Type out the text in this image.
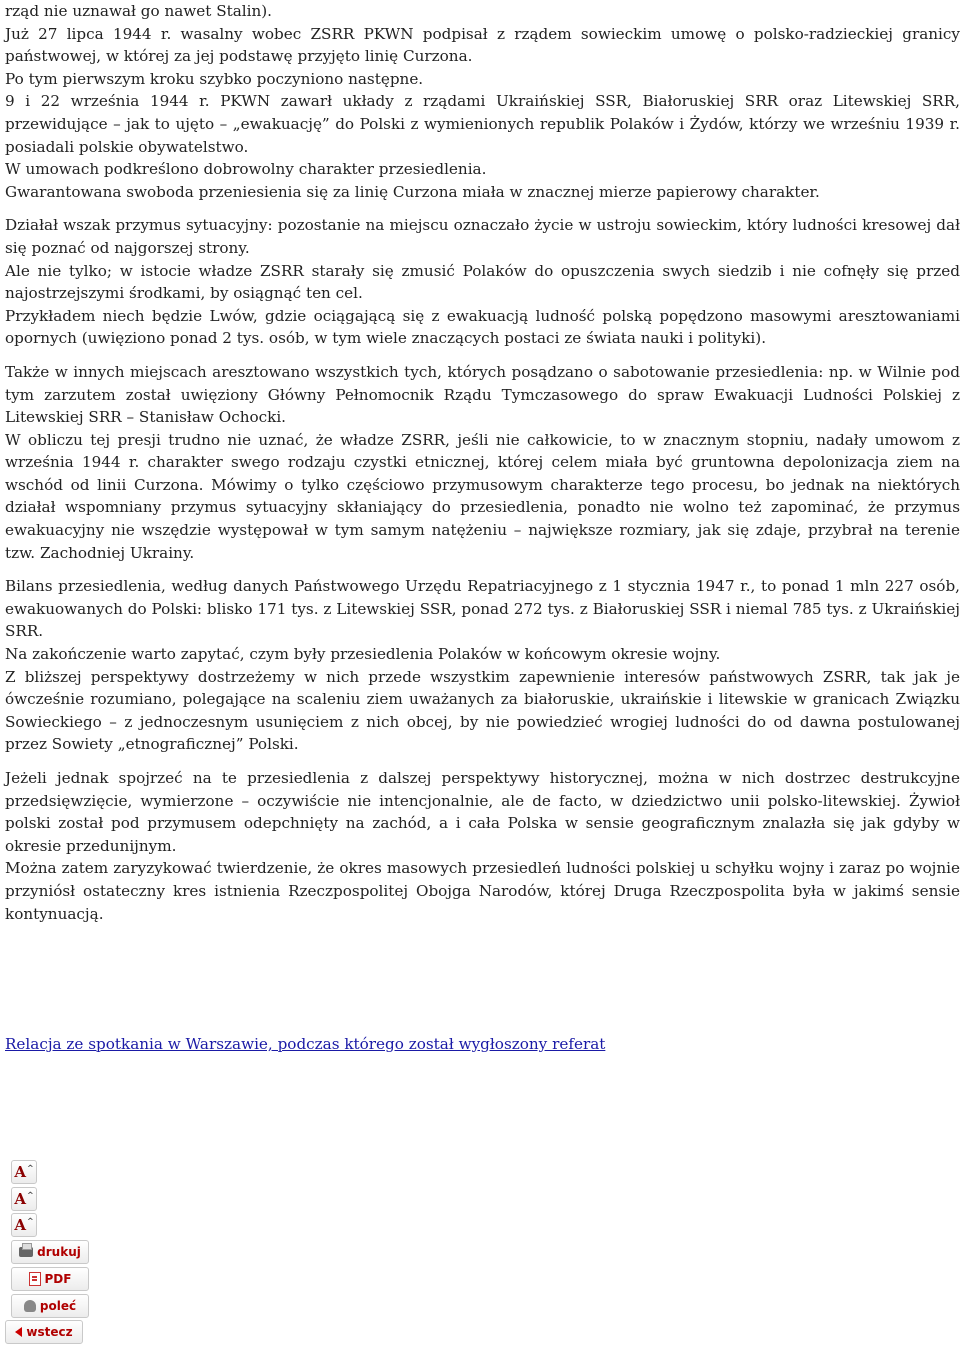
rząd nie uznawał go nawet Stalin).

Już 27 lipca 1944 r. wasalny wobec ZSRR PKWN podpisał z rządem sowieckim umowę o polsko-radzieckiej granicy państwowej, w której za jej podstawę przyjęto linię Curzona.

Po tym pierwszym kroku szybko poczyniono następne.

9 i 22 września 1944 r. PKWN zawarł układy z rządami Ukraińskiej SSR, Białoruskiej SRR oraz Litewskiej SRR, przewidujące – jak to ujęto – „ewakuację” do Polski z wymienionych republik Polaków i Żydów, którzy we wrześniu 1939 r. posiadali polskie obywatelstwo.

W umowach podkreślono dobrowolny charakter przesiedlenia.

Gwarantowana swoboda przeniesienia się za linię Curzona miała w znacznej mierze papierowy charakter.

Działał wszak przymus sytuacyjny: pozostanie na miejscu oznaczało życie w ustroju sowieckim, który ludności kresowej dał się poznać od najgorszej strony.

Ale nie tylko; w istocie władze ZSRR starały się zmusić Polaków do opuszczenia swych siedzib i nie cofnęły się przed najostrzejszymi środkami, by osiągnąć ten cel.

Przykładem niech będzie Lwów, gdzie ociągającą się z ewakuacją ludność polską popędzono masowymi aresztowaniami opornych (uwięziono ponad 2 tys. osób, w tym wiele znaczących postaci ze świata nauki i polityki).

Także w innych miejscach aresztowano wszystkich tych, których posądzano o sabotowanie przesiedlenia: np. w Wilnie pod tym zarzutem został uwięziony Główny Pełnomocnik Rządu Tymczasowego do spraw Ewakuacji Ludności Polskiej z Litewskiej SRR – Stanisław Ochocki.

W obliczu tej presji trudno nie uznać, że władze ZSRR, jeśli nie całkowicie, to w znacznym stopniu, nadały umowom z września 1944 r. charakter swego rodzaju czystki etnicznej, której celem miała być gruntowna depolonizacja ziem na wschód od linii Curzona. Mówimy o tylko częściowo przymusowym charakterze tego procesu, bo jednak na niektórych działał wspomniany przymus sytuacyjny skłaniający do przesiedlenia, ponadto nie wolno też zapominać, że przymus ewakuacyjny nie wszędzie występował w tym samym natężeniu – największe rozmiary, jak się zdaje, przybrał na terenie tzw. Zachodniej Ukrainy.

Bilans przesiedlenia, według danych Państwowego Urzędu Repatriacyjnego z 1 stycznia 1947 r., to ponad 1 mln 227 osób, ewakuowanych do Polski: blisko 171 tys. z Litewskiej SSR, ponad 272 tys. z Białoruskiej SSR i niemal 785 tys. z Ukraińskiej SRR.

Na zakończenie warto zapytać, czym były przesiedlenia Polaków w końcowym okresie wojny.

Z bliższej perspektywy dostrzeżemy w nich przede wszystkim zapewnienie interesów państwowych ZSRR, tak jak je ówcześnie rozumiano, polegające na scaleniu ziem uważanych za białoruskie, ukraińskie i litewskie w granicach Związku Sowieckiego – z jednoczesnym usunięciem z nich obcej, by nie powiedzieć wrogiej ludności do od dawna postulowanej przez Sowiety „etnograficznej” Polski.

Jeżeli jednak spojrzeć na te przesiedlenia z dalszej perspektywy historycznej, można w nich dostrzec destrukcyjne przedsięwzięcie, wymierzone – oczywiście nie intencjonalnie, ale de facto, w dziedzictwo unii polsko-litewskiej. Żywioł polski został pod przymusem odepchnięty na zachód, a i cała Polska w sensie geograficznym znalazła się jak gdyby w okresie przedunijnym.

Można zatem zaryzykować twierdzenie, że okres masowych przesiedleń ludności polskiej u schyłku wojny i zaraz po wojnie przyniósł ostateczny kres istnienia Rzeczpospolitej Obojga Narodów, której Druga Rzeczpospolita była w jakimś sensie kontynuacją.

Relacja ze spotkania w Warszawie, podczas którego został wygłoszony referat
A^
A^
A^
drukuj
PDF
poleć
wstecz
